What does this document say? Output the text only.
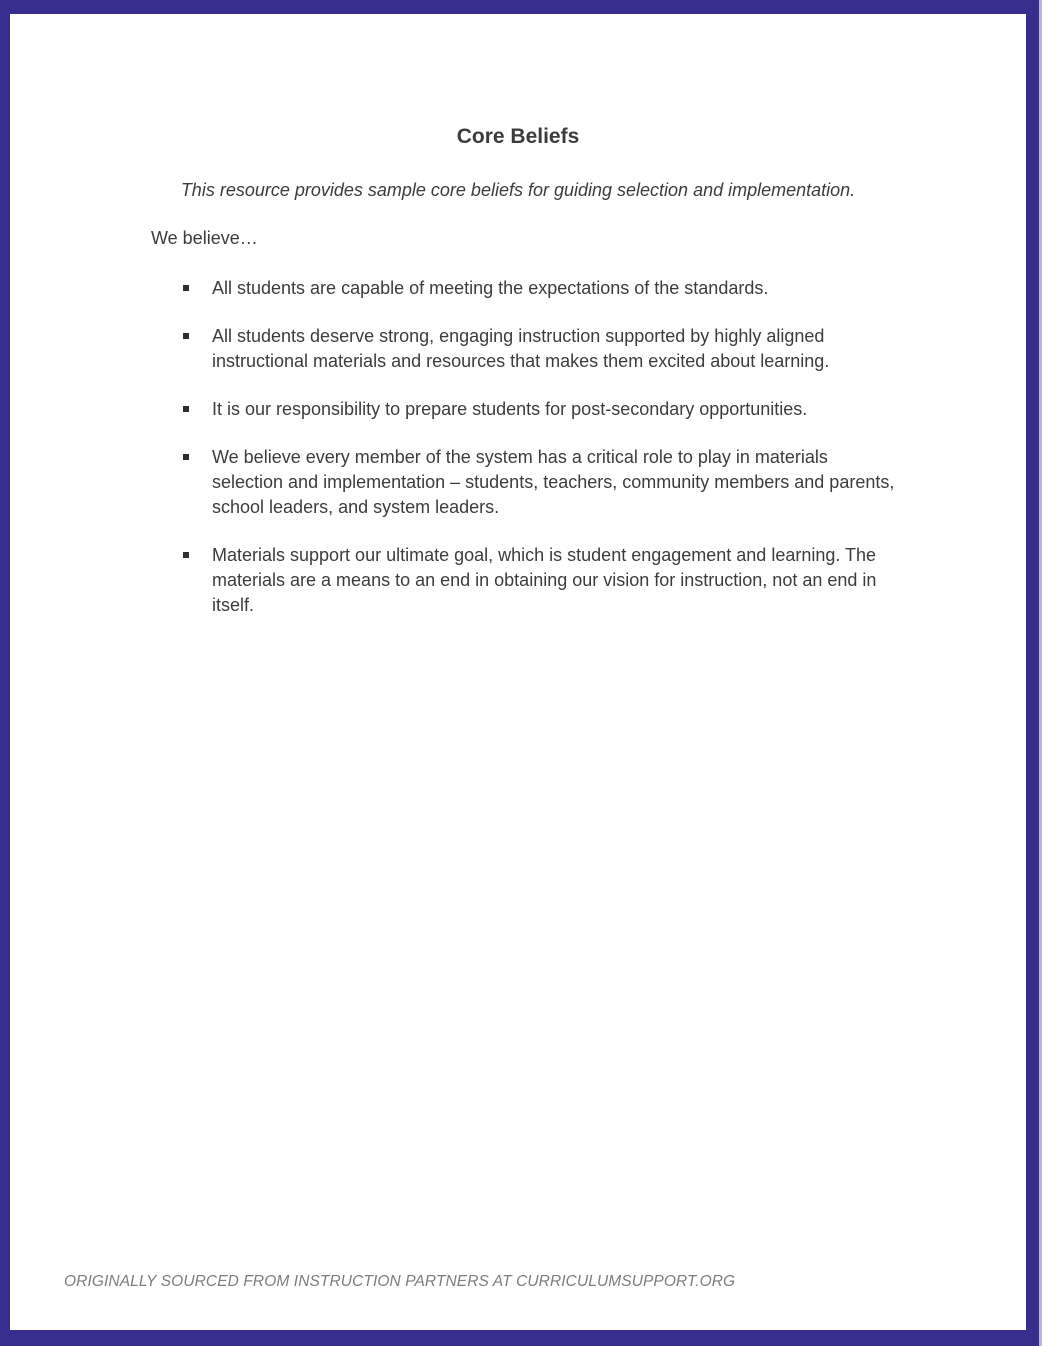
Core Beliefs

This resource provides sample core beliefs for guiding selection and implementation.

We believe…

All students are capable of meeting the expectations of the standards.
All students deserve strong, engaging instruction supported by highly aligned instructional materials and resources that makes them excited about learning.
It is our responsibility to prepare students for post-secondary opportunities.
We believe every member of the system has a critical role to play in materials selection and implementation – students, teachers, community members and parents, school leaders, and system leaders.
Materials support our ultimate goal, which is student engagement and learning. The materials are a means to an end in obtaining our vision for instruction, not an end in itself.

ORIGINALLY SOURCED FROM INSTRUCTION PARTNERS AT CURRICULUMSUPPORT.ORG
